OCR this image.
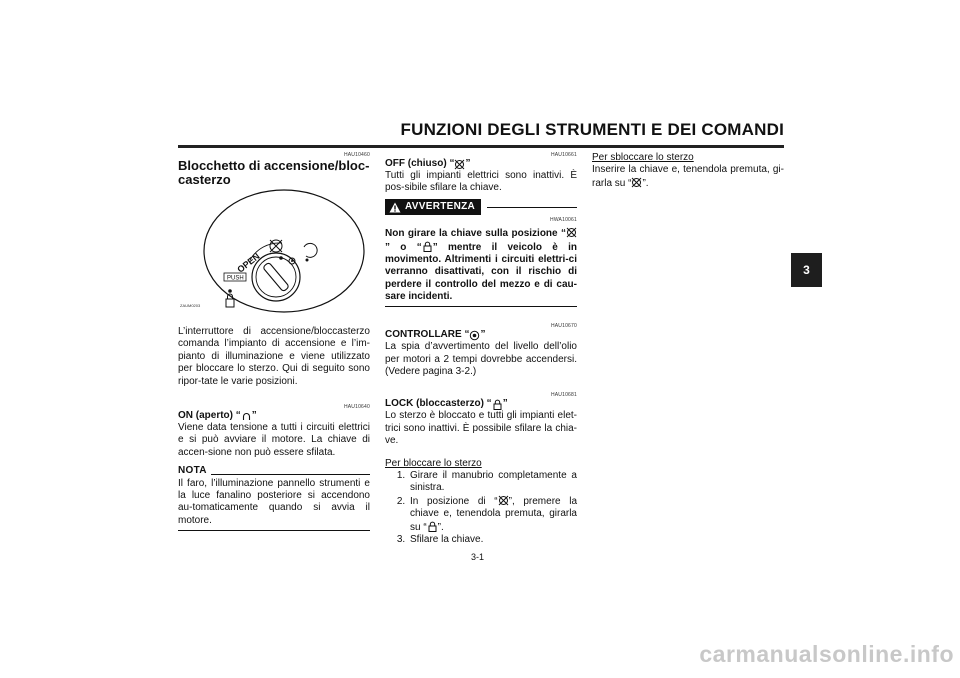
FUNZIONI DEGLI STRUMENTI E DEI COMANDI
3
HAU10460
Blocchetto di accensione/bloc-casterzo
OPEN
PUSH
ZAUM0203

L’interruttore di accensione/bloccasterzo comanda l’impianto di accensione e l’im-pianto di illuminazione e viene utilizzato per bloccare lo sterzo. Qui di seguito sono ripor-tate le varie posizioni.

HAU10640
ON (aperto) “ ”

Viene data tensione a tutti i circuiti elettrici e si può avviare il motore. La chiave di accen-sione non può essere sfilata.

NOTA

Il faro, l’illuminazione pannello strumenti e la luce fanalino posteriore si accendono au-tomaticamente quando si avvia il motore.

HAU10661
OFF (chiuso) “ ”

Tutti gli impianti elettrici sono inattivi. È pos-sibile sfilare la chiave.

AVVERTENZA
HWA10061
Non girare la chiave sulla posizione “
” o “ ” mentre il veicolo è in movimento. Altrimenti i circuiti elettri-ci verranno disattivati, con il rischio di perdere il controllo del mezzo e di cau-sare incidenti.
HAU10670
CONTROLLARE “ ”

La spia d’avvertimento del livello dell’olio per motori a 2 tempi dovrebbe accendersi. (Vedere pagina 3-2.)

HAU10681
LOCK (bloccasterzo) “ ”

Lo sterzo è bloccato e tutti gli impianti elet-trici sono inattivi. È possibile sfilare la chia-ve.

Per bloccare lo sterzo
1. Girare il manubrio completamente a sinistra.
2. In posizione di “ ”, premere la chiave e, tenendola premuta, girarla su “ ”.
3. Sfilare la chiave.
Per sbloccare lo sterzo

Inserire la chiave e, tenendola premuta, gi-rarla su “ ”.

3-1
carmanualsonline.info
